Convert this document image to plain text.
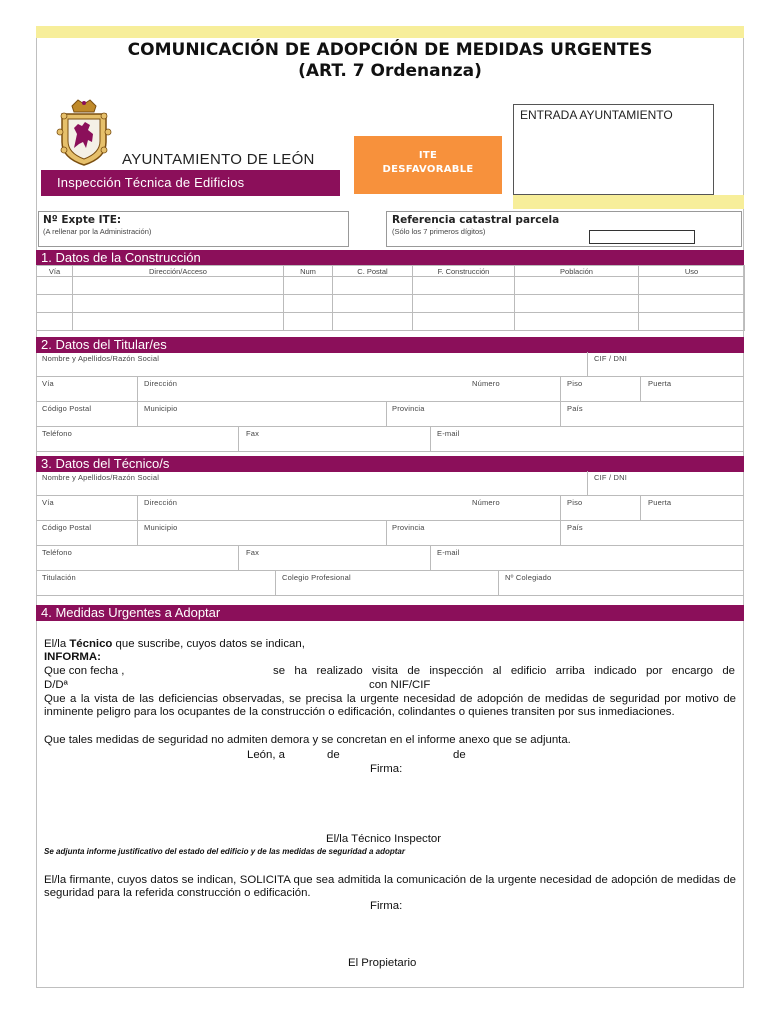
COMUNICACIÓN DE ADOPCIÓN DE MEDIDAS URGENTES
(ART. 7 Ordenanza)
AYUNTAMIENTO DE LEÓN
Inspección Técnica de Edificios
ITE
DESFAVORABLE
ENTRADA AYUNTAMIENTO
Nº Expte ITE:
(A rellenar por la Administración)
Referencia catastral parcela
(Sólo los 7 primeros dígitos)
1. Datos de la Construcción
Vía	Dirección/Acceso	Num	C. Postal	F. Construcción	Población	Uso

2. Datos del Titular/es
Nombre y Apellidos/Razón Social	CIF / DNI
Vía	Dirección	Número	Piso	Puerta
Código Postal	Municipio	Provincia	País
Teléfono	Fax	E-mail
3. Datos del Técnico/s
Nombre y Apellidos/Razón Social	CIF / DNI
Vía	Dirección	Número	Piso	Puerta
Código Postal	Municipio	Provincia	País
Teléfono	Fax	E-mail
Titulación	Colegio Profesional	Nº Colegiado
4. Medidas Urgentes a Adoptar
El/la Técnico que suscribe, cuyos datos se indican,
INFORMA:
Que con fecha ,	se ha realizado visita de inspección al edificio arriba indicado por encargo de
D/Dª	con NIF/CIF
Que a la vista de las deficiencias observadas, se precisa la urgente necesidad de adopción de medidas de seguridad por motivo de inminente peligro para los ocupantes de la construcción o edificación, colindantes o quienes transiten por sus inmediaciones.
Que tales medidas de seguridad no admiten demora y se concretan en el informe anexo que se adjunta.
León, a	de	de
Firma:
El/la Técnico Inspector
Se adjunta informe justificativo del estado del edificio y de las medidas de seguridad a adoptar
El/la firmante, cuyos datos se indican, SOLICITA que sea admitida la comunicación de la urgente necesidad de adopción de medidas de seguridad para la referida construcción o edificación.
Firma:
El Propietario
